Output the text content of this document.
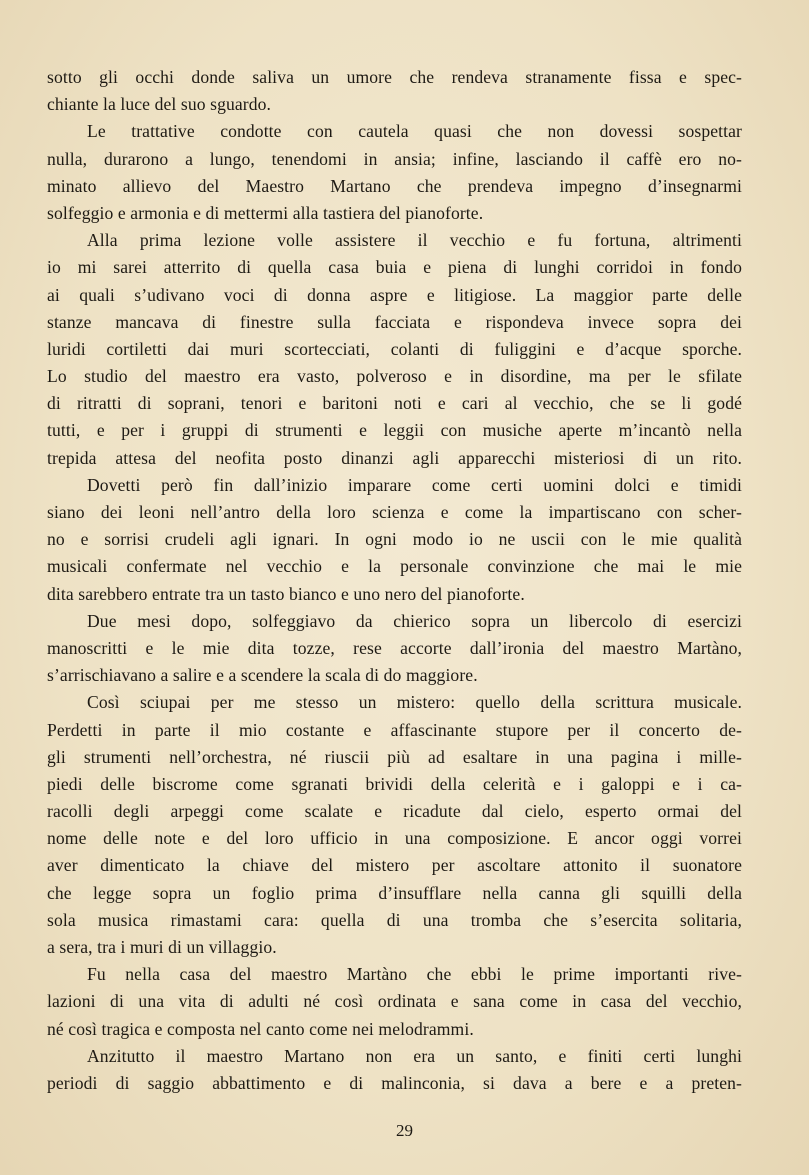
sotto gli occhi donde saliva un umore che rendeva stranamente fissa e spec-
chiante la luce del suo sguardo.
Le trattative condotte con cautela quasi che non dovessi sospettar
nulla, durarono a lungo, tenendomi in ansia; infine, lasciando il caffè ero no-
minato allievo del Maestro Martano che prendeva impegno d’insegnarmi
solfeggio e armonia e di mettermi alla tastiera del pianoforte.
Alla prima lezione volle assistere il vecchio e fu fortuna, altrimenti
io mi sarei atterrito di quella casa buia e piena di lunghi corridoi in fondo
ai quali s’udivano voci di donna aspre e litigiose. La maggior parte delle
stanze mancava di finestre sulla facciata e rispondeva invece sopra dei
luridi cortiletti dai muri scortecciati, colanti di fuliggini e d’acque sporche.
Lo studio del maestro era vasto, polveroso e in disordine, ma per le sfilate
di ritratti di soprani, tenori e baritoni noti e cari al vecchio, che se li godé
tutti, e per i gruppi di strumenti e leggii con musiche aperte m’incantò nella
trepida attesa del neofita posto dinanzi agli apparecchi misteriosi di un rito.
Dovetti però fin dall’inizio imparare come certi uomini dolci e timidi
siano dei leoni nell’antro della loro scienza e come la impartiscano con scher-
no e sorrisi crudeli agli ignari. In ogni modo io ne uscii con le mie qualità
musicali confermate nel vecchio e la personale convinzione che mai le mie
dita sarebbero entrate tra un tasto bianco e uno nero del pianoforte.
Due mesi dopo, solfeggiavo da chierico sopra un libercolo di esercizi
manoscritti e le mie dita tozze, rese accorte dall’ironia del maestro Martàno,
s’arrischiavano a salire e a scendere la scala di do maggiore.
Così sciupai per me stesso un mistero: quello della scrittura musicale.
Perdetti in parte il mio costante e affascinante stupore per il concerto de-
gli strumenti nell’orchestra, né riuscii più ad esaltare in una pagina i mille-
piedi delle biscrome come sgranati brividi della celerità e i galoppi e i ca-
racolli degli arpeggi come scalate e ricadute dal cielo, esperto ormai del
nome delle note e del loro ufficio in una composizione. E ancor oggi vorrei
aver dimenticato la chiave del mistero per ascoltare attonito il suonatore
che legge sopra un foglio prima d’insufflare nella canna gli squilli della
sola musica rimastami cara: quella di una tromba che s’esercita solitaria,
a sera, tra i muri di un villaggio.
Fu nella casa del maestro Martàno che ebbi le prime importanti rive-
lazioni di una vita di adulti né così ordinata e sana come in casa del vecchio,
né così tragica e composta nel canto come nei melodrammi.
Anzitutto il maestro Martano non era un santo, e finiti certi lunghi
periodi di saggio abbattimento e di malinconia, si dava a bere e a preten-
29
